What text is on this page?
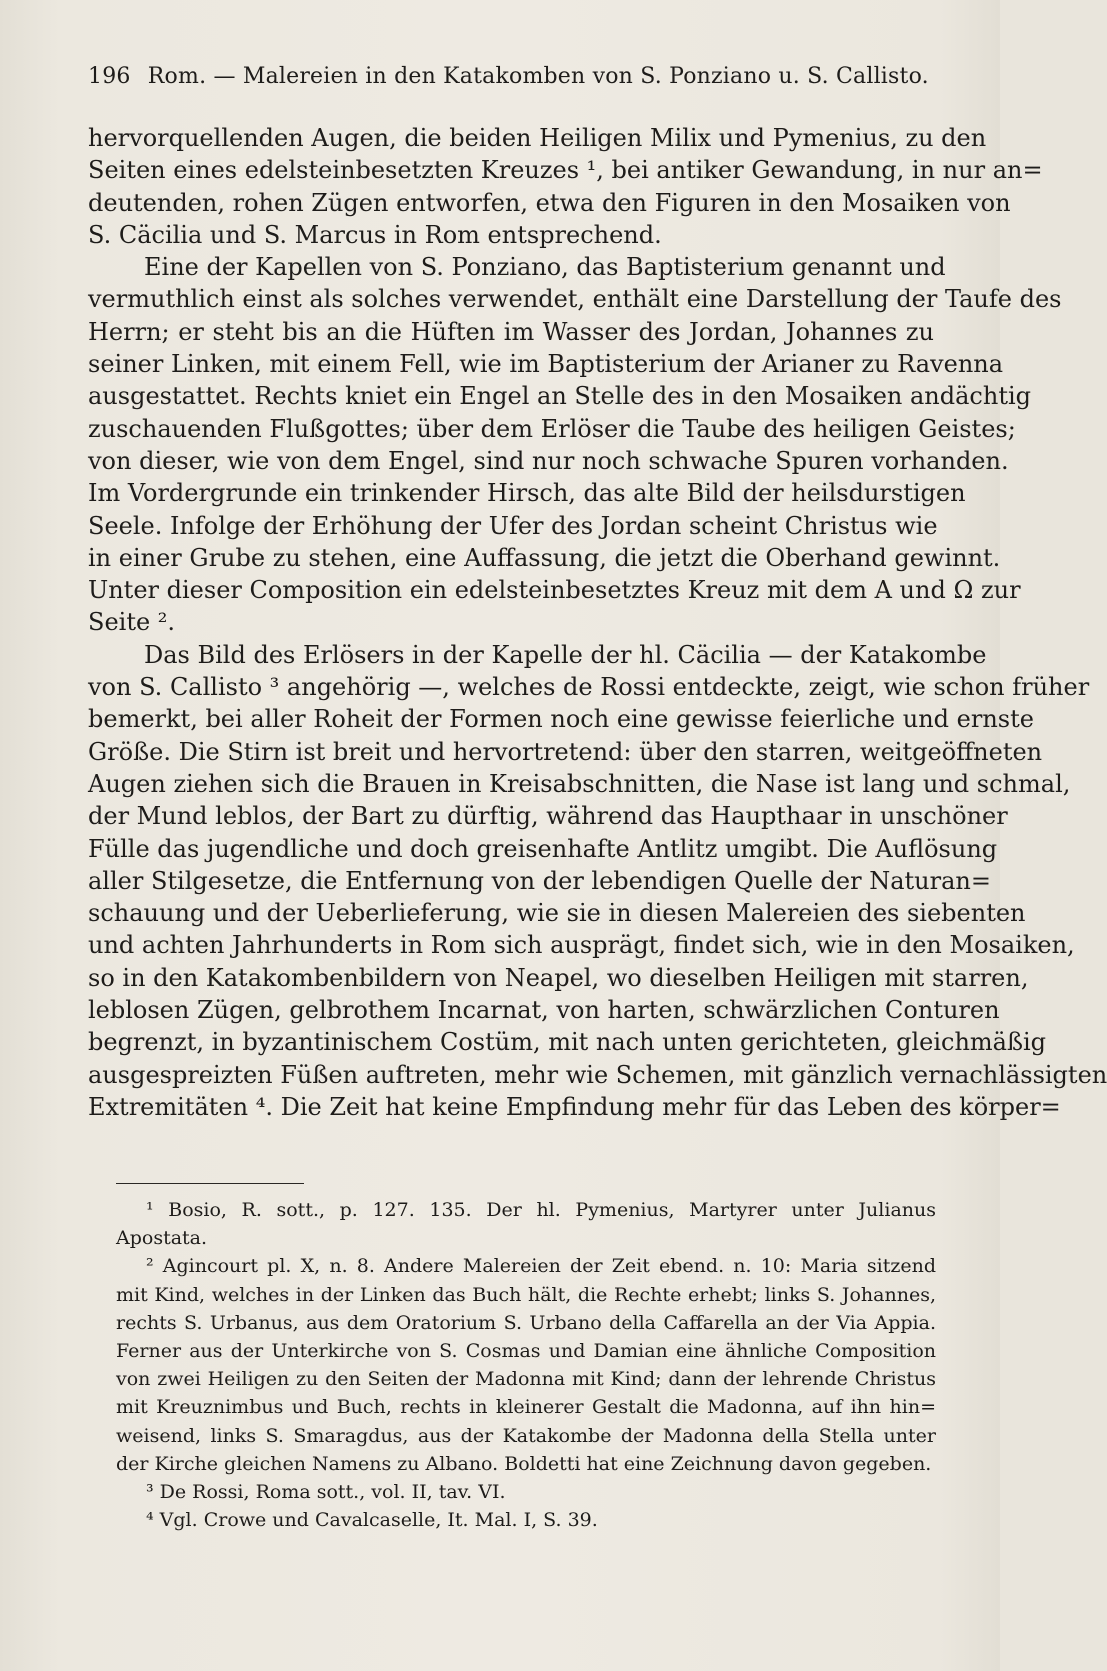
196 Rom. — Malereien in den Katakomben von S. Ponziano u. S. Callisto.
hervorquellenden Augen, die beiden Heiligen Milix und Pymenius, zu den
Seiten eines edelsteinbesetzten Kreuzes ¹, bei antiker Gewandung, in nur an=
deutenden, rohen Zügen entworfen, etwa den Figuren in den Mosaiken von
S. Cäcilia und S. Marcus in Rom entsprechend.
Eine der Kapellen von S. Ponziano, das Baptisterium genannt und
vermuthlich einst als solches verwendet, enthält eine Darstellung der Taufe des
Herrn; er steht bis an die Hüften im Wasser des Jordan, Johannes zu
seiner Linken, mit einem Fell, wie im Baptisterium der Arianer zu Ravenna
ausgestattet. Rechts kniet ein Engel an Stelle des in den Mosaiken andächtig
zuschauenden Flußgottes; über dem Erlöser die Taube des heiligen Geistes;
von dieser, wie von dem Engel, sind nur noch schwache Spuren vorhanden.
Im Vordergrunde ein trinkender Hirsch, das alte Bild der heilsdurstigen
Seele. Infolge der Erhöhung der Ufer des Jordan scheint Christus wie
in einer Grube zu stehen, eine Auffassung, die jetzt die Oberhand gewinnt.
Unter dieser Composition ein edelsteinbesetztes Kreuz mit dem A und Ω zur
Seite ².
Das Bild des Erlösers in der Kapelle der hl. Cäcilia — der Katakombe
von S. Callisto ³ angehörig —, welches de Rossi entdeckte, zeigt, wie schon früher
bemerkt, bei aller Roheit der Formen noch eine gewisse feierliche und ernste
Größe. Die Stirn ist breit und hervortretend: über den starren, weitgeöffneten
Augen ziehen sich die Brauen in Kreisabschnitten, die Nase ist lang und schmal,
der Mund leblos, der Bart zu dürftig, während das Haupthaar in unschöner
Fülle das jugendliche und doch greisenhafte Antlitz umgibt. Die Auflösung
aller Stilgesetze, die Entfernung von der lebendigen Quelle der Naturan=
schauung und der Ueberlieferung, wie sie in diesen Malereien des siebenten
und achten Jahrhunderts in Rom sich ausprägt, findet sich, wie in den Mosaiken,
so in den Katakombenbildern von Neapel, wo dieselben Heiligen mit starren,
leblosen Zügen, gelbrothem Incarnat, von harten, schwärzlichen Conturen
begrenzt, in byzantinischem Costüm, mit nach unten gerichteten, gleichmäßig
ausgespreizten Füßen auftreten, mehr wie Schemen, mit gänzlich vernachlässigten
Extremitäten ⁴. Die Zeit hat keine Empfindung mehr für das Leben des körper=
¹ Bosio, R. sott., p. 127. 135. Der hl. Pymenius, Martyrer unter Julianus
Apostata.
² Agincourt pl. X, n. 8. Andere Malereien der Zeit ebend. n. 10: Maria sitzend
mit Kind, welches in der Linken das Buch hält, die Rechte erhebt; links S. Johannes,
rechts S. Urbanus, aus dem Oratorium S. Urbano della Caffarella an der Via Appia.
Ferner aus der Unterkirche von S. Cosmas und Damian eine ähnliche Composition
von zwei Heiligen zu den Seiten der Madonna mit Kind; dann der lehrende Christus
mit Kreuznimbus und Buch, rechts in kleinerer Gestalt die Madonna, auf ihn hin=
weisend, links S. Smaragdus, aus der Katakombe der Madonna della Stella unter
der Kirche gleichen Namens zu Albano. Boldetti hat eine Zeichnung davon gegeben.
³ De Rossi, Roma sott., vol. II, tav. VI.
⁴ Vgl. Crowe und Cavalcaselle, It. Mal. I, S. 39.
